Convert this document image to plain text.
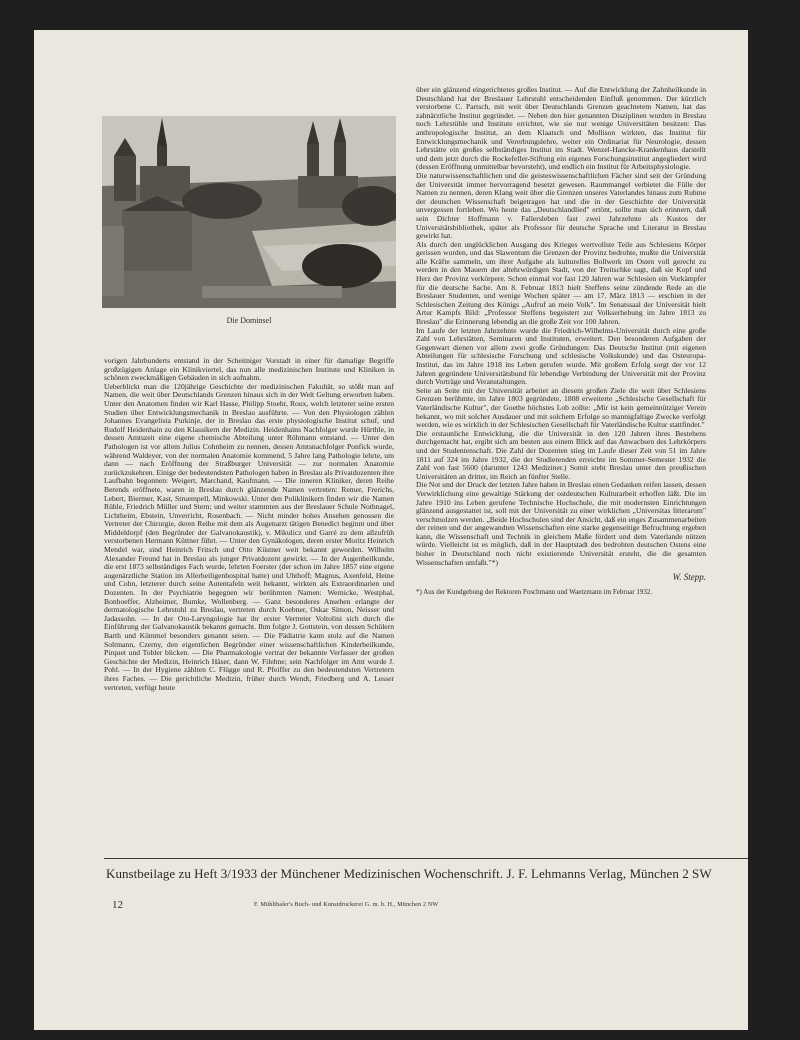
Die Dominsel

vorigen Jahrhunderts entstand in der Scheitniger Vorstadt in einer für damalige Begriffe großzügigen Anlage ein Klinikviertel, das nun alle medizinischen Institute und Kliniken in schönen zweckmäßigen Gebäuden in sich aufnahm.

Ueberblickt man die 120jährige Geschichte der medizinischen Fakultät, so stößt man auf Namen, die weit über Deutschlands Grenzen hinaus sich in der Welt Geltung erworben haben. Unter den Anatomen finden wir Karl Hasse, Philipp Stoehr, Roux, welch letzterer seine ersten Studien über Entwicklungsmechanik in Breslau ausführte. — Von den Physiologen zählen Johannes Evangelista Purkinje, der in Breslau das erste physiologische Institut schuf, und Rudolf Heidenhain zu den Klassikern der Medizin. Heidenhains Nachfolger wurde Hürthle, in dessen Amtszeit eine eigene chemische Abteilung unter Röhmann entstand. — Unter den Pathologen ist vor allem Julius Cohnheim zu nennen, dessen Amtsnachfolger Ponfick wurde, während Waldeyer, von der normalen Anatomie kommend, 5 Jahre lang Pathologie lehrte, um dann — nach Eröffnung der Straßburger Universität — zur normalen Anatomie zurückzukehren. Einige der bedeutendsten Pathologen haben in Breslau als Privatdozenten ihre Laufbahn begonnen: Weigert, Marchand, Kaufmann. — Die inneren Kliniker, deren Reihe Berends eröffnete, waren in Breslau durch glänzende Namen vertreten: Remer, Frerichs, Lebert, Biermer, Kast, Struempell, Minkowski. Unter den Poliklinikern finden wir die Namen Rühle, Friedrich Müller und Stern; und weiter stammten aus der Breslauer Schule Nothnagel, Lichtheim, Ebstein, Unverricht, Rosenbach. — Nicht minder hohes Ansehen genossen die Vertreter der Chirurgie, deren Reihe mit dem als Augenarzt tätigen Benedict beginnt und über Middeldorpf (den Begründer der Galvanokaustik), v. Mikulicz und Garré zu dem allzufrüh verstorbenen Hermann Küttner führt. — Unter den Gynäkologen, deren erster Moritz Heinrich Mendel war, sind Heinrich Fritsch und Otto Küstner weit bekannt geworden. Wilhelm Alexander Freund hat in Breslau als junger Privatdozent gewirkt. — In der Augenheilkunde, die erst 1873 selbständiges Fach wurde, lehrten Foerster (der schon im Jahre 1857 eine eigene augenärztliche Station im Allerheiligenhospital hatte) und Uhthoff; Magnus, Axenfeld, Heine und Cohn, letzterer durch seine Autentafeln weit bekannt, wirkten als Extraordinarien und Dozenten. In der Psychiatrie begegnen wir berühmten Namen: Wernicke, Westphal, Bonhoeffer, Alzheimer, Bumke, Wollenberg. — Ganz besonderes Ansehen erlangte der dermatologische Lehrstuhl zu Breslau, vertreten durch Koebner, Oskar Simon, Neisser und Jadassohn. — In der Oto-Laryngologie hat ihr erster Vertreter Voltolini sich durch die Einführung der Galvanokaustik bekannt gemacht. Ihm folgte J. Gottstein, von dessen Schülern Barth und Kümmel besonders genannt seien. — Die Pädiatrie kann stolz auf die Namen Soltmann, Czerny, den eigentlichen Begründer einer wissenschaftlichen Kinderheilkunde, Pirquet und Tobler blicken. — Die Pharmakologie vertrat der bekannte Verfasser der großen Geschichte der Medizin, Heinrich Häser, dann W. Filehne; sein Nachfolger im Amt wurde J. Pohl. — In der Hygiene zählten C. Flügge und R. Pfeiffer zu den bedeutendsten Vertretern ihres Faches. — Die gerichtliche Medizin, früher durch Wendt, Friedberg und A. Lesser vertreten, verfügt heute

über ein glänzend eingerichtetes großes Institut. — Auf die Entwicklung der Zahnheilkunde in Deutschland hat der Breslauer Lehrstuhl entscheidenden Einfluß genommen. Der kürzlich verstorbene C. Partsch, mit weit über Deutschlands Grenzen geachtetem Namen, hat das zahnärztliche Institut gegründet. — Neben den hier genannten Disziplinen wurden in Breslau noch Lehrstühle und Institute errichtet, wie sie nur wenige Universitäten besitzen: Das anthropologische Institut, an dem Klaatsch und Mollison wirkten, das Institut für Entwicklungsmechanik und Vererbungslehre, weiter ein Ordinariat für Neurologie, dessen Lehrstätte ein großes selbständiges Institut im Stadt. Wenzel-Hancke-Krankenhaus darstellt und dem jetzt durch die Rockefeller-Stiftung ein eigenes Forschungsinstitut angegliedert wird (dessen Eröffnung unmittelbar bevorsteht), und endlich ein Institut für Arbeitsphysiologie.

Die naturwissenschaftlichen und die geisteswissenschaftlichen Fächer sind seit der Gründung der Universität immer hervorragend besetzt gewesen. Raummangel verbietet die Fülle der Namen zu nennen, deren Klang weit über die Grenzen unseres Vaterlandes hinaus zum Ruhme der deutschen Wissenschaft beigetragen hat und die in der Geschichte der Universität unvergessen fortleben. Wo heute das „Deutschlandlied" ertönt, sollte man sich erinnern, daß sein Dichter Hoffmann v. Fallersleben fast zwei Jahrzehnte als Kustos der Universitätsbibliothek, später als Professor für deutsche Sprache und Literatur in Breslau gewirkt hat.

Als durch den unglücklichen Ausgang des Krieges wertvollste Teile aus Schlesiens Körper gerissen wurden, und das Slawentum die Grenzen der Provinz bedrohte, mußte die Universität alle Kräfte sammeln, um ihrer Aufgabe als kulturelles Bollwerk im Osten voll gerecht zu werden in den Mauern der altehrwürdigen Stadt, von der Treitschke sagt, daß sie Kopf und Herz der Provinz verkörpere. Schon einmal vor fast 120 Jahren war Schlesien ein Vorkämpfer für die deutsche Sache. Am 8. Februar 1813 hielt Steffens seine zündende Rede an die Breslauer Studenten, und wenige Wochen später — am 17. März 1813 — erschien in der Schlesischen Zeitung des Königs „Aufruf an mein Volk". Im Senatssaal der Universität hielt Artur Kampfs Bild: „Professor Steffens begeistert zur Volkserhebung im Jahre 1813 zu Breslau" die Erinnerung lebendig an die große Zeit vor 100 Jahren.

Im Laufe der letzten Jahrzehnte wurde die Friedrich-Wilhelms-Universität durch eine große Zahl von Lehrstätten, Seminaren und Instituten, erweitert. Den besonderen Aufgaben der Gegenwart dienen vor allem zwei große Gründungen: Das Deutsche Institut (mit eigenen Abteilungen für schlesische Forschung und schlesische Volkskunde) und das Osteuropa-Institut, das im Jahre 1918 ins Leben gerufen wurde. Mit großem Erfolg sorgt der vor 12 Jahren gegründete Universitätsbund für lebendige Verbindung der Universität mit der Provinz durch Vorträge und Veranstaltungen.

Seite an Seite mit der Universität arbeitet an diesem großen Ziele die weit über Schlesiens Grenzen berühmte, im Jahre 1803 gegründete, 1808 erweiterte „Schlesische Gesellschaft für Vaterländische Kultur", der Goethe höchstes Lob zollte: „Mir ist kein gemeinnütziger Verein bekannt, wo mit solcher Ausdauer und mit solchem Erfolge so mannigfaltige Zwecke verfolgt werden, wie es wirklich in der Schlesischen Gesellschaft für Vaterländische Kultur stattfindet."

Die erstaunliche Entwicklung, die die Universität in den 120 Jahren ihres Bestehens durchgemacht hat, ergibt sich am besten aus einem Blick auf das Anwachsen des Lehrkörpers und der Studentenschaft. Die Zahl der Dozenten stieg im Laufe dieser Zeit von 51 im Jahre 1811 auf 324 im Jahre 1932, die der Studierenden erreichte im Sommer-Semester 1932 die Zahl von fast 5600 (darunter 1243 Mediziner.) Somit steht Breslau unter den preußischen Universitäten an dritter, im Reich an fünfter Stelle.

Die Not und der Druck der letzten Jahre haben in Breslau einen Gedanken reifen lassen, dessen Verwirklichung eine gewaltige Stärkung der ostdeutschen Kulturarbeit erhoffen läßt. Die im Jahre 1910 ins Leben gerufene Technische Hochschule, die mit modernsten Einrichtungen glänzend ausgestattet ist, soll mit der Universität zu einer wirklichen „Universitas litterarum" verschmolzen werden. „Beide Hochschulen sind der Ansicht, daß ein enges Zusammenarbeiten der reinen und der angewandten Wissenschaften eine starke gegenseitige Befruchtung ergeben kann, die Wissenschaft und Technik in gleichem Maße fördert und dem Vaterlande nützen würde. Vielleicht ist es möglich, daß in der Hauptstadt des bedrohten deutschen Ostens eine bisher in Deutschland noch nicht existierende Universität ersteht, die die gesamten Wissenschaften umfaßt."*)

W. Stepp.
*) Aus der Kundgebung der Rektoren Poschmann und Waetzmann im Februar 1932.
Kunstbeilage zu Heft 3/1933 der Münchener Medizinischen Wochenschrift. J. F. Lehmanns Verlag, München 2 SW
12	F. Mühlthaler's Buch- und Kunstdruckerei G. m. b. H., München 2 NW
